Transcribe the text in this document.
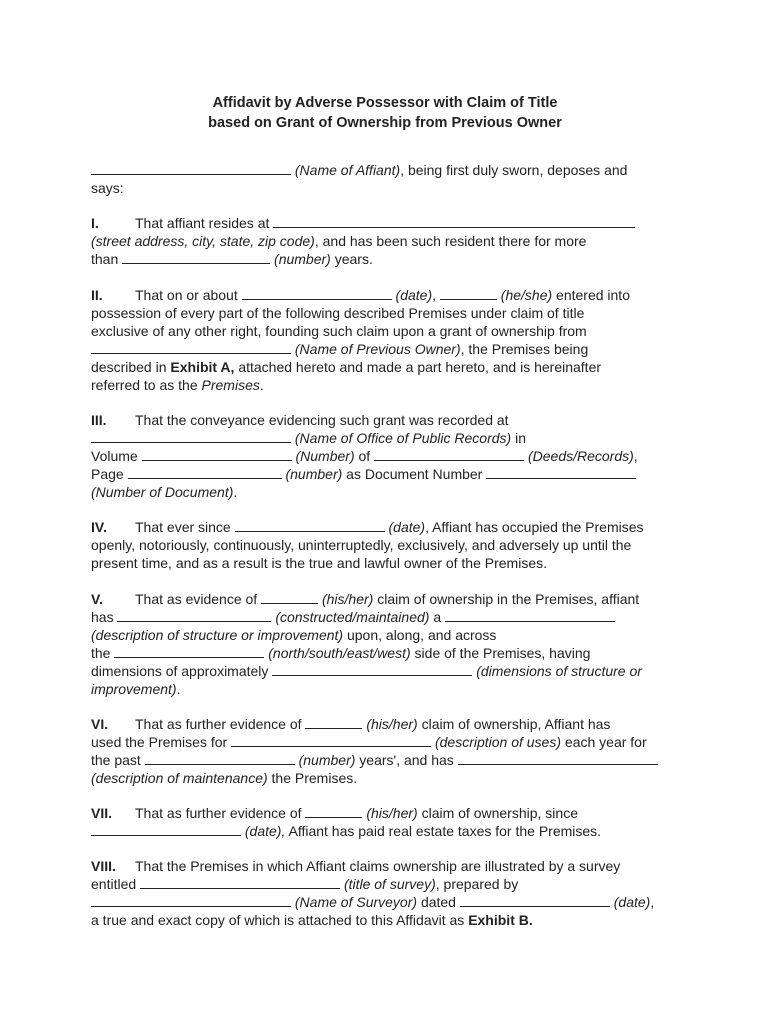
Affidavit by Adverse Possessor with Claim of Title
based on Grant of Ownership from Previous Owner
(Name of Affiant), being first duly sworn, deposes and
says:
I.	That affiant resides at
(street address, city, state, zip code), and has been such resident there for more
than	(number) years.
II. That on or about	(date),	(he/she) entered into
possession of every part of the following described Premises under claim of title
exclusive of any other right, founding such claim upon a grant of ownership from
(Name of Previous Owner), the Premises being
described in Exhibit A, attached hereto and made a part hereto, and is hereinafter
referred to as the Premises.
III. That the conveyance evidencing such grant was recorded at
(Name of Office of Public Records) in
Volume	(Number) of	(Deeds/Records),
Page	(number) as Document Number
(Number of Document).
IV. That ever since	(date), Affiant has occupied the Premises
openly, notoriously, continuously, uninterruptedly, exclusively, and adversely up until the
present time, and as a result is the true and lawful owner of the Premises.
V. That as evidence of	(his/her) claim of ownership in the Premises, affiant
has	(constructed/maintained) a
(description of structure or improvement) upon, along, and across
the	(north/south/east/west) side of the Premises, having
dimensions of approximately	(dimensions of structure or
improvement).
VI. That as further evidence of	(his/her) claim of ownership, Affiant has
used the Premises for	(description of uses) each year for
the past	(number) years', and has
(description of maintenance) the Premises.
VII. That as further evidence of	(his/her) claim of ownership, since
(date), Affiant has paid real estate taxes for the Premises.
VIII. That the Premises in which Affiant claims ownership are illustrated by a survey
entitled	(title of survey), prepared by
(Name of Surveyor) dated	(date),
a true and exact copy of which is attached to this Affidavit as Exhibit B.
